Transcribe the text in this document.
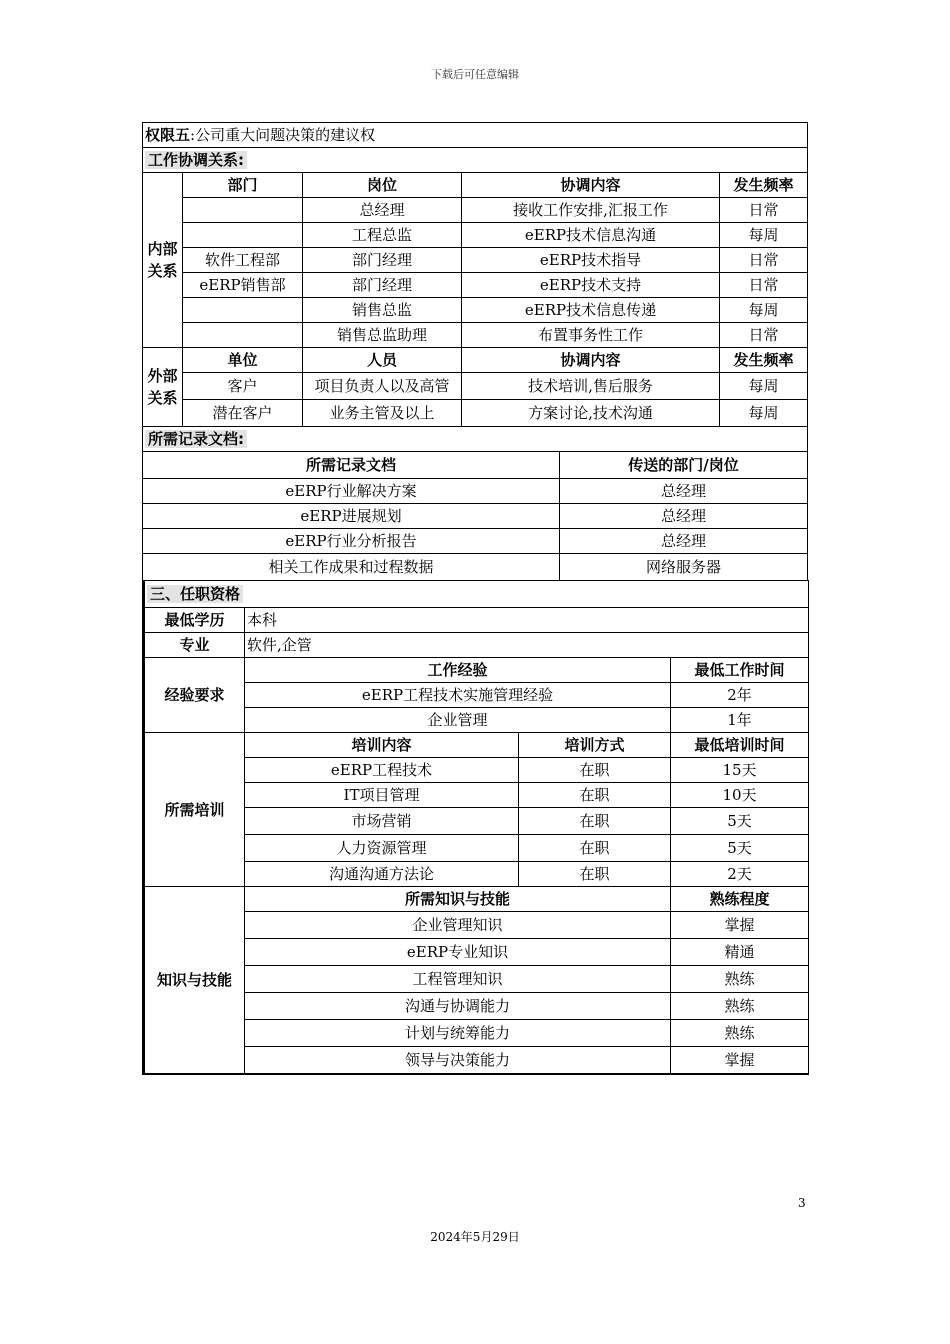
下载后可任意编辑
权限五:公司重大问题决策的建议权				
工作协调关系:				
内部关系	部门	岗位	协调内容	发生频率
		总经理	接收工作安排,汇报工作	日常
		工程总监	eERP技术信息沟通	每周
	软件工程部	部门经理	eERP技术指导	日常
	eERP销售部	部门经理	eERP技术支持	日常
		销售总监	eERP技术信息传递	每周
		销售总监助理	布置事务性工作	日常
外部关系	单位	人员	协调内容	发生频率
	客户	项目负责人以及高管	技术培训,售后服务	每周
	潜在客户	业务主管及以上	方案讨论,技术沟通	每周
所需记录文档:	
所需记录文档	传送的部门/岗位
eERP行业解决方案	总经理
eERP进展规划	总经理
eERP行业分析报告	总经理
相关工作成果和过程数据	网络服务器
三、任职资格			
最低学历	本科		
专业	软件,企管		
经验要求	工作经验		最低工作时间
	eERP工程技术实施管理经验		2年
	企业管理		1年
所需培训	培训内容	培训方式	最低培训时间
	eERP工程技术	在职	15天
	IT项目管理	在职	10天
	市场营销	在职	5天
	人力资源管理	在职	5天
	沟通沟通方法论	在职	2天
知识与技能	所需知识与技能		熟练程度
	企业管理知识		掌握
	eERP专业知识		精通
	工程管理知识		熟练
	沟通与协调能力		熟练
	计划与统筹能力		熟练
	领导与决策能力		掌握
3
2024年5月29日
